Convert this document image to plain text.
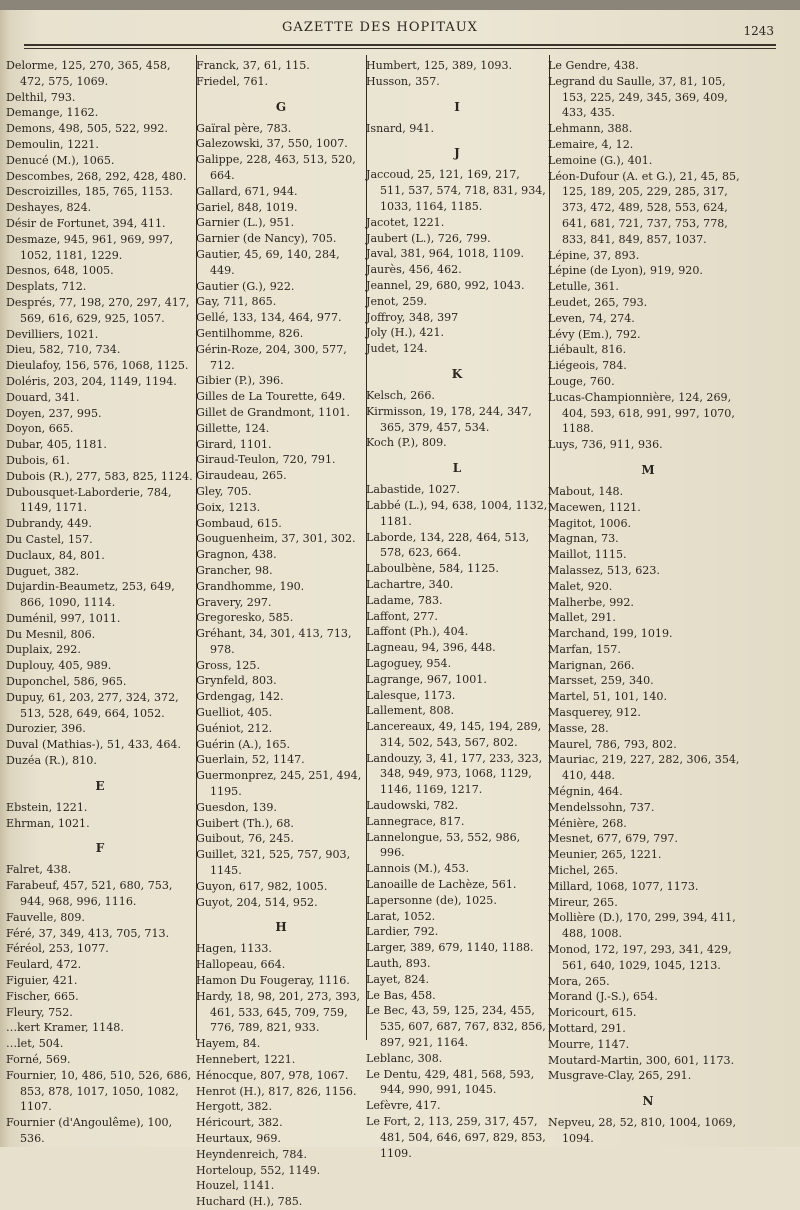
GAZETTE DES HOPITAUX	1243
Delorme, 125, 270, 365, 458, 472, 575, 1069.
Delthil, 793.
Demange, 1162.
Demons, 498, 505, 522, 992.
Demoulin, 1221.
Denucé (M.), 1065.
Descombes, 268, 292, 428, 480.
Descroizilles, 185, 765, 1153.
Deshayes, 824.
Désir de Fortunet, 394, 411.
Desmaze, 945, 961, 969, 997, 1052, 1181, 1229.
Desnos, 648, 1005.
Desplats, 712.
Després, 77, 198, 270, 297, 417, 569, 616, 629, 925, 1057.
Devilliers, 1021.
Dieu, 582, 710, 734.
Dieulafoy, 156, 576, 1068, 1125.
Doléris, 203, 204, 1149, 1194.
Douard, 341.
Doyen, 237, 995.
Doyon, 665.
Dubar, 405, 1181.
Dubois, 61.
Dubois (R.), 277, 583, 825, 1124.
Dubousquet-Laborderie, 784, 1149, 1171.
Dubrandy, 449.
Du Castel, 157.
Duclaux, 84, 801.
Duguet, 382.
Dujardin-Beaumetz, 253, 649, 866, 1090, 1114.
Duménil, 997, 1011.
Du Mesnil, 806.
Duplaix, 292.
Duplouy, 405, 989.
Duponchel, 586, 965.
Dupuy, 61, 203, 277, 324, 372, 513, 528, 649, 664, 1052.
Durozier, 396.
Duval (Mathias-), 51, 433, 464.
Duzéa (R.), 810.
E
Ebstein, 1221.
Ehrman, 1021.
F
Falret, 438.
Farabeuf, 457, 521, 680, 753, 944, 968, 996, 1116.
Fauvelle, 809.
Féré, 37, 349, 413, 705, 713.
Féréol, 253, 1077.
Feulard, 472.
Figuier, 421.
Fischer, 665.
Fleury, 752.
…kert Kramer, 1148.
…let, 504.
Forné, 569.
Fournier, 10, 486, 510, 526, 686, 853, 878, 1017, 1050, 1082, 1107.
Fournier (d'Angoulême), 100, 536.
Franck, 37, 61, 115.
Friedel, 761.
G
Gaïral père, 783.
Galezowski, 37, 550, 1007.
Galippe, 228, 463, 513, 520, 664.
Gallard, 671, 944.
Gariel, 848, 1019.
Garnier (L.), 951.
Garnier (de Nancy), 705.
Gautier, 45, 69, 140, 284, 449.
Gautier (G.), 922.
Gay, 711, 865.
Gellé, 133, 134, 464, 977.
Gentilhomme, 826.
Gérin-Roze, 204, 300, 577, 712.
Gibier (P.), 396.
Gilles de La Tourette, 649.
Gillet de Grandmont, 1101.
Gillette, 124.
Girard, 1101.
Giraud-Teulon, 720, 791.
Giraudeau, 265.
Gley, 705.
Goix, 1213.
Gombaud, 615.
Gouguenheim, 37, 301, 302.
Gragnon, 438.
Grancher, 98.
Grandhomme, 190.
Gravery, 297.
Gregoresko, 585.
Gréhant, 34, 301, 413, 713, 978.
Gross, 125.
Grynfeld, 803.
Grdengag, 142.
Guelliot, 405.
Guéniot, 212.
Guérin (A.), 165.
Guerlain, 52, 1147.
Guermonprez, 245, 251, 494, 1195.
Guesdon, 139.
Guibert (Th.), 68.
Guibout, 76, 245.
Guillet, 321, 525, 757, 903, 1145.
Guyon, 617, 982, 1005.
Guyot, 204, 514, 952.
H
Hagen, 1133.
Hallopeau, 664.
Hamon Du Fougeray, 1116.
Hardy, 18, 98, 201, 273, 393, 461, 533, 645, 709, 759, 776, 789, 821, 933.
Hayem, 84.
Hennebert, 1221.
Hénocque, 807, 978, 1067.
Henrot (H.), 817, 826, 1156.
Hergott, 382.
Héricourt, 382.
Heurtaux, 969.
Heyndenreich, 784.
Horteloup, 552, 1149.
Houzel, 1141.
Huchard (H.), 785.
Humbert, 125, 389, 1093.
Husson, 357.
I
Isnard, 941.
J
Jaccoud, 25, 121, 169, 217, 511, 537, 574, 718, 831, 934, 1033, 1164, 1185.
Jacotet, 1221.
Jaubert (L.), 726, 799.
Javal, 381, 964, 1018, 1109.
Jaurès, 456, 462.
Jeannel, 29, 680, 992, 1043.
Jenot, 259.
Joffroy, 348, 397
Joly (H.), 421.
Judet, 124.
K
Kelsch, 266.
Kirmisson, 19, 178, 244, 347, 365, 379, 457, 534.
Koch (P.), 809.
L
Labastide, 1027.
Labbé (L.), 94, 638, 1004, 1132, 1181.
Laborde, 134, 228, 464, 513, 578, 623, 664.
Laboulbène, 584, 1125.
Lachartre, 340.
Ladame, 783.
Laffont, 277.
Laffont (Ph.), 404.
Lagneau, 94, 396, 448.
Lagoguey, 954.
Lagrange, 967, 1001.
Lalesque, 1173.
Lallement, 808.
Lancereaux, 49, 145, 194, 289, 314, 502, 543, 567, 802.
Landouzy, 3, 41, 177, 233, 323, 348, 949, 973, 1068, 1129, 1146, 1169, 1217.
Laudowski, 782.
Lannegrace, 817.
Lannelongue, 53, 552, 986, 996.
Lannois (M.), 453.
Lanoaille de Lachèze, 561.
Lapersonne (de), 1025.
Larat, 1052.
Lardier, 792.
Larger, 389, 679, 1140, 1188.
Lauth, 893.
Layet, 824.
Le Bas, 458.
Le Bec, 43, 59, 125, 234, 455, 535, 607, 687, 767, 832, 856, 897, 921, 1164.
Leblanc, 308.
Le Dentu, 429, 481, 568, 593, 944, 990, 991, 1045.
Lefèvre, 417.
Le Fort, 2, 113, 259, 317, 457, 481, 504, 646, 697, 829, 853, 1109.
Le Gendre, 438.
Legrand du Saulle, 37, 81, 105, 153, 225, 249, 345, 369, 409, 433, 435.
Lehmann, 388.
Lemaire, 4, 12.
Lemoine (G.), 401.
Léon-Dufour (A. et G.), 21, 45, 85, 125, 189, 205, 229, 285, 317, 373, 472, 489, 528, 553, 624, 641, 681, 721, 737, 753, 778, 833, 841, 849, 857, 1037.
Lépine, 37, 893.
Lépine (de Lyon), 919, 920.
Letulle, 361.
Leudet, 265, 793.
Leven, 74, 274.
Lévy (Em.), 792.
Liébault, 816.
Liégeois, 784.
Louge, 760.
Lucas-Championnière, 124, 269, 404, 593, 618, 991, 997, 1070, 1188.
Luys, 736, 911, 936.
M
Mabout, 148.
Macewen, 1121.
Magitot, 1006.
Magnan, 73.
Maillot, 1115.
Malassez, 513, 623.
Malet, 920.
Malherbe, 992.
Mallet, 291.
Marchand, 199, 1019.
Marfan, 157.
Marignan, 266.
Marsset, 259, 340.
Martel, 51, 101, 140.
Masquerey, 912.
Masse, 28.
Maurel, 786, 793, 802.
Mauriac, 219, 227, 282, 306, 354, 410, 448.
Mégnin, 464.
Mendelssohn, 737.
Ménière, 268.
Mesnet, 677, 679, 797.
Meunier, 265, 1221.
Michel, 265.
Millard, 1068, 1077, 1173.
Mireur, 265.
Mollière (D.), 170, 299, 394, 411, 488, 1008.
Monod, 172, 197, 293, 341, 429, 561, 640, 1029, 1045, 1213.
Mora, 265.
Morand (J.-S.), 654.
Moricourt, 615.
Mottard, 291.
Mourre, 1147.
Moutard-Martin, 300, 601, 1173.
Musgrave-Clay, 265, 291.
N
Nepveu, 28, 52, 810, 1004, 1069, 1094.
